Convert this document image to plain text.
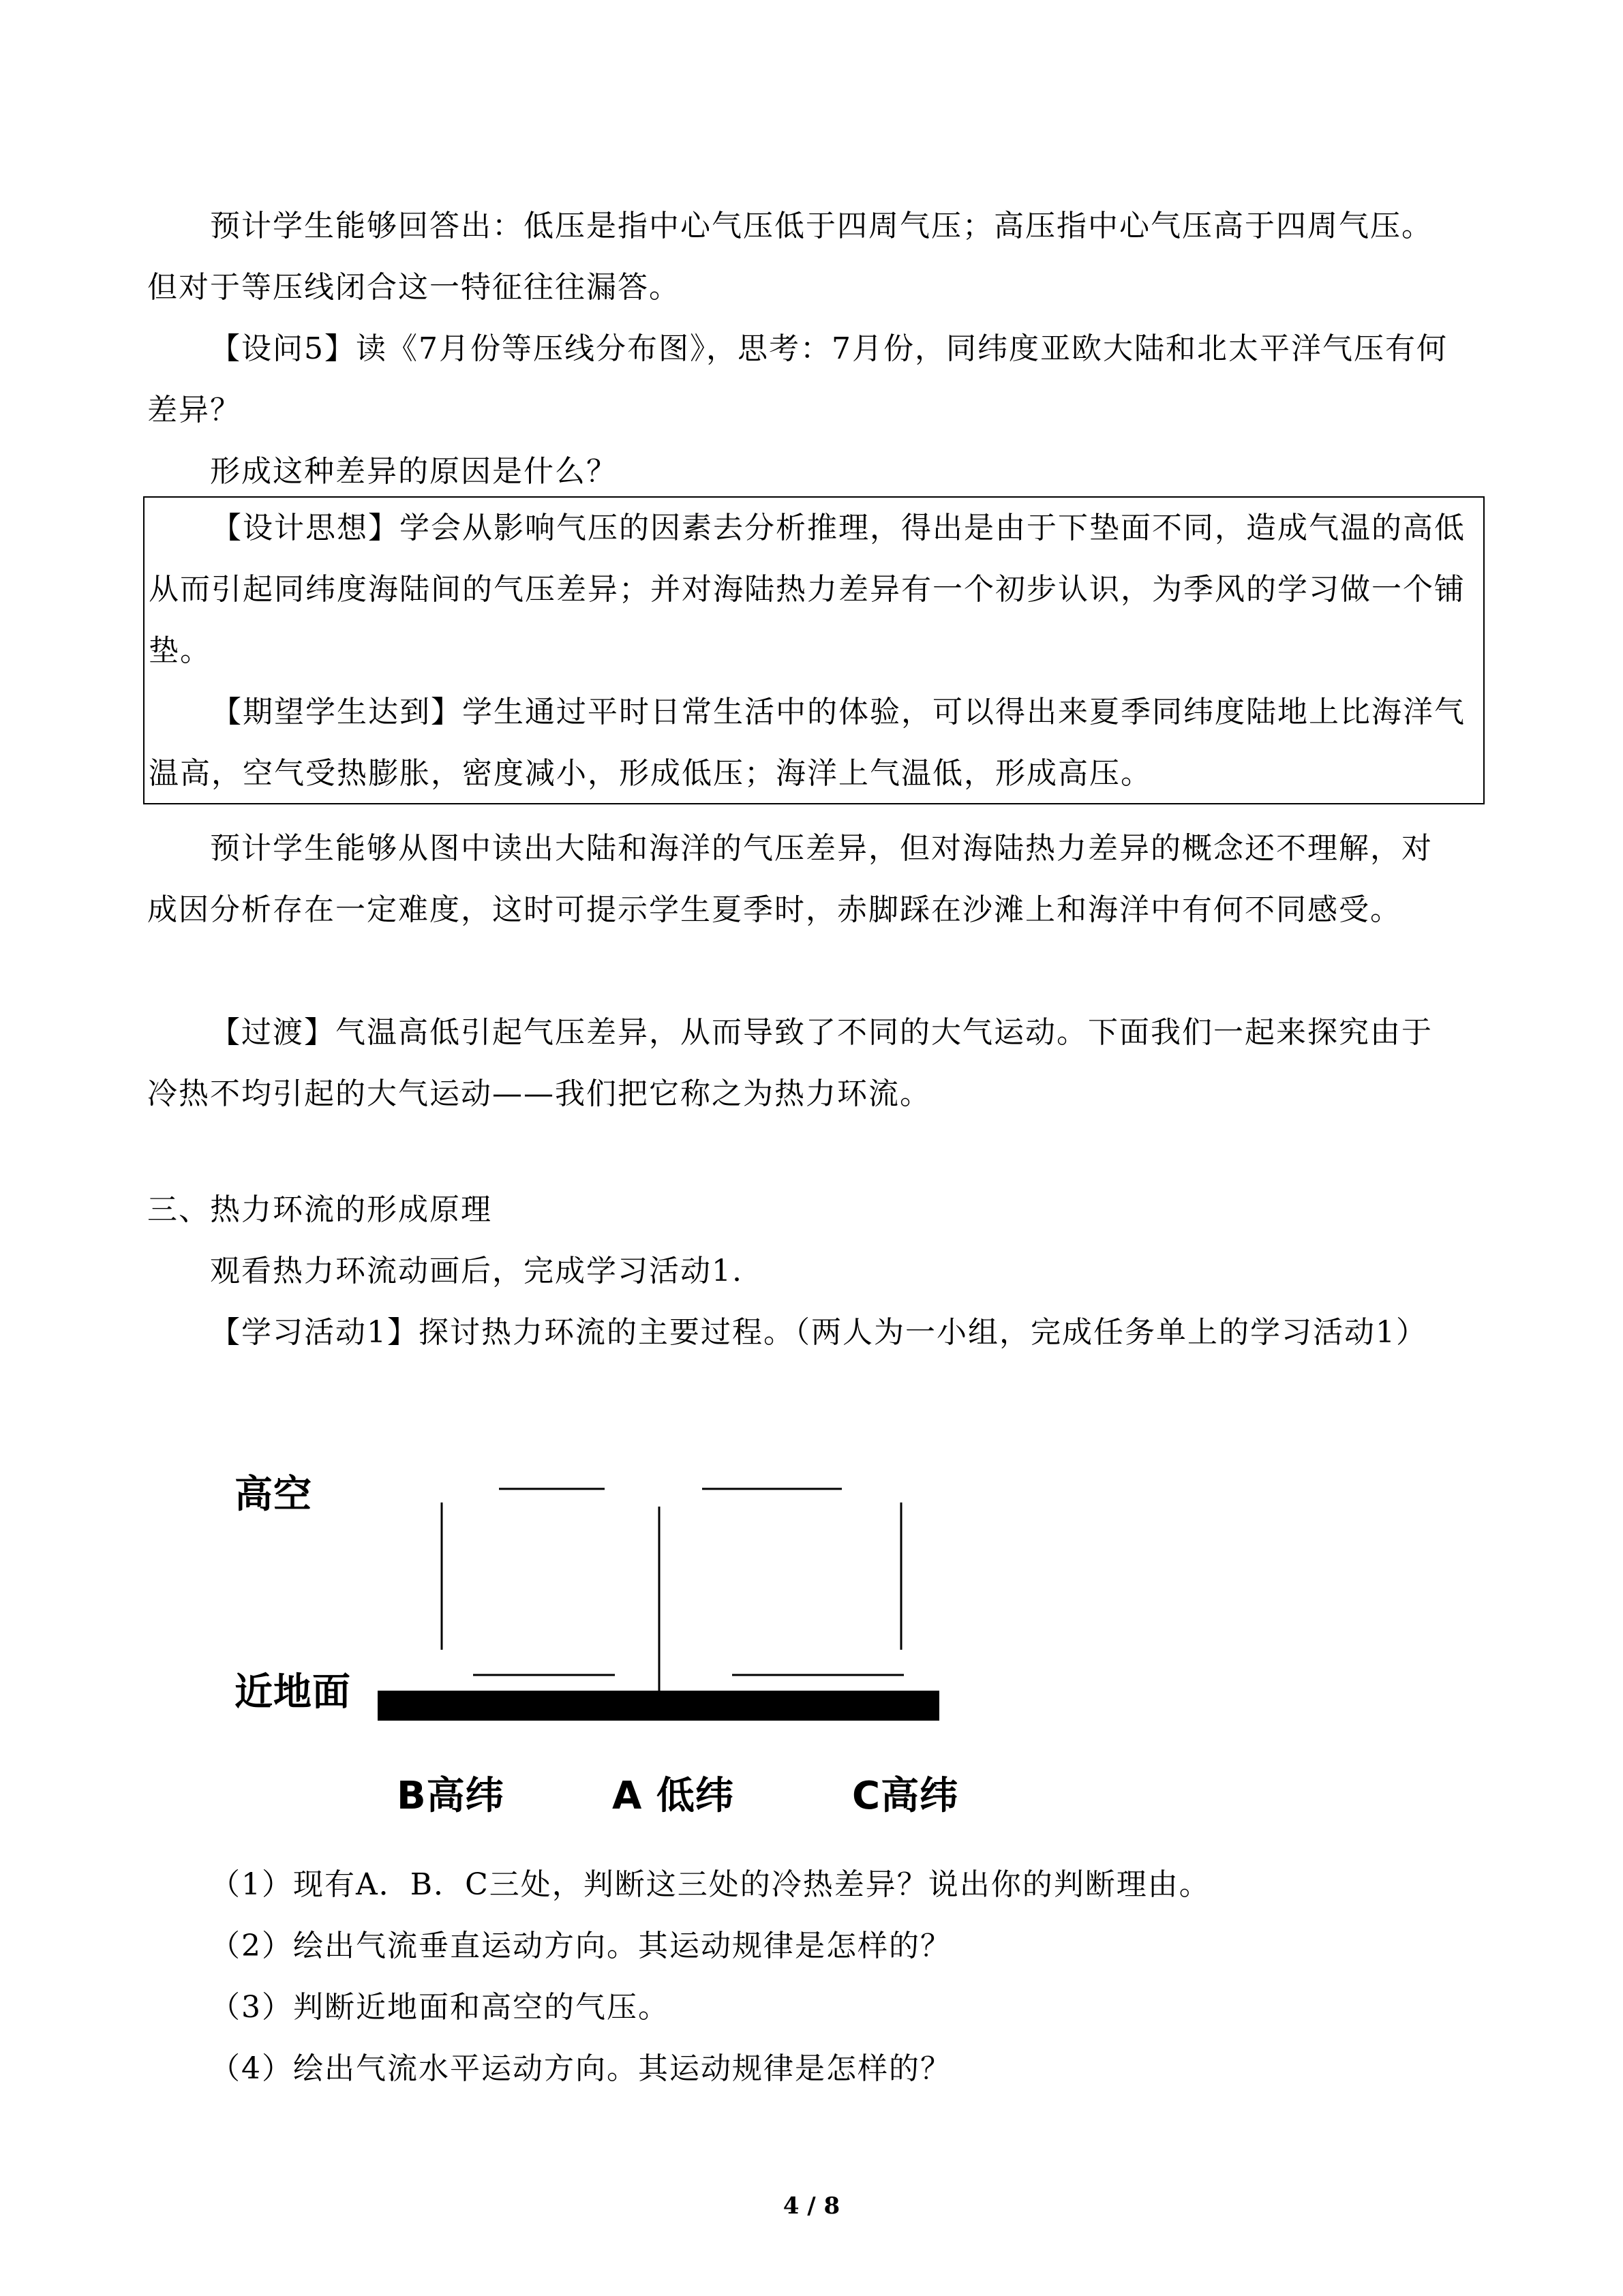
预计学生能够回答出：低压是指中心气压低于四周气压；高压指中心气压高于四周气压。但对于等压线闭合这一特征往往漏答。

【设问5】读《7月份等压线分布图》，思考：7月份，同纬度亚欧大陆和北太平洋气压有何差异？

形成这种差异的原因是什么？

【设计思想】学会从影响气压的因素去分析推理，得出是由于下垫面不同，造成气温的高低从而引起同纬度海陆间的气压差异；并对海陆热力差异有一个初步认识，为季风的学习做一个铺垫。

【期望学生达到】学生通过平时日常生活中的体验，可以得出来夏季同纬度陆地上比海洋气温高，空气受热膨胀，密度减小，形成低压；海洋上气温低，形成高压。

预计学生能够从图中读出大陆和海洋的气压差异，但对海陆热力差异的概念还不理解，对成因分析存在一定难度，这时可提示学生夏季时，赤脚踩在沙滩上和海洋中有何不同感受。

【过渡】气温高低引起气压差异，从而导致了不同的大气运动。下面我们一起来探究由于冷热不均引起的大气运动——我们把它称之为热力环流。

三、热力环流的形成原理

观看热力环流动画后，完成学习活动1.

【学习活动1】探讨热力环流的主要过程。（两人为一小组，完成任务单上的学习活动1）

高空
近地面
B高纬	A 低纬	C高纬

（1）现有A．B．C三处，判断这三处的冷热差异？说出你的判断理由。

（2）绘出气流垂直运动方向。其运动规律是怎样的？

（3）判断近地面和高空的气压。

（4）绘出气流水平运动方向。其运动规律是怎样的？

4 / 8
